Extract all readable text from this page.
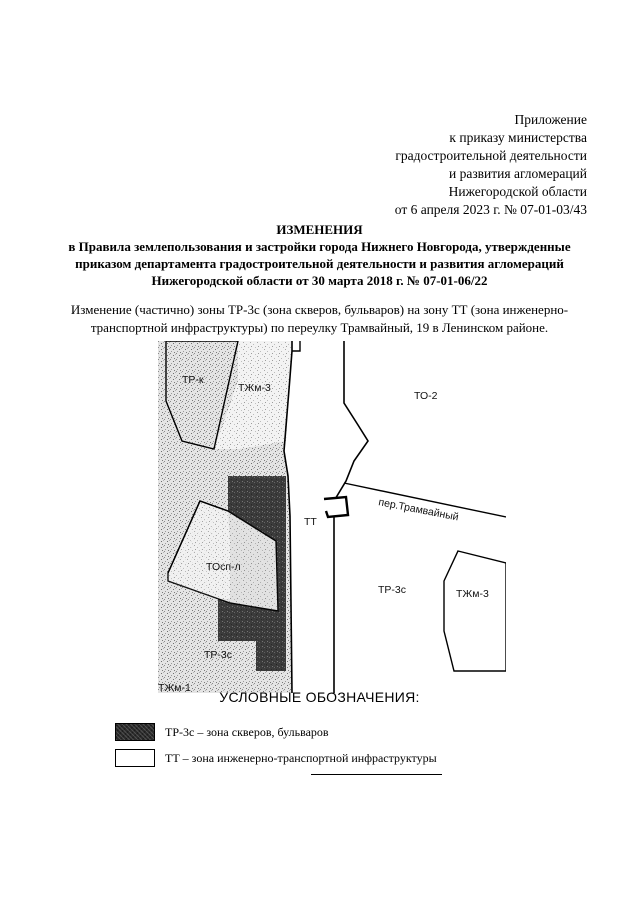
Приложение
к приказу министерства
градостроительной деятельности
и развития агломераций
Нижегородской области
от 6 апреля 2023 г. № 07-01-03/43
ИЗМЕНЕНИЯ
в Правила землепользования и застройки города Нижнего Новгорода, утвержденные
приказом департамента градостроительной деятельности и развития агломераций
Нижегородской области от 30 марта 2018 г. № 07-01-06/22
Изменение (частично) зоны ТР-3с (зона скверов, бульваров) на зону ТТ (зона инженерно-
транспортной инфраструктуры) по переулку Трамвайный, 19 в Ленинском районе.
ТР-к
ТЖм-3
ТО-2
пер.Трамвайный
ТТ
ТОсп-л
ТР-3с
ТР-3с	ТЖм-3
ТЖм-1
УСЛОВНЫЕ ОБОЗНАЧЕНИЯ:
ТР-3с – зона скверов, бульваров
ТТ – зона инженерно-транспортной инфраструктуры
